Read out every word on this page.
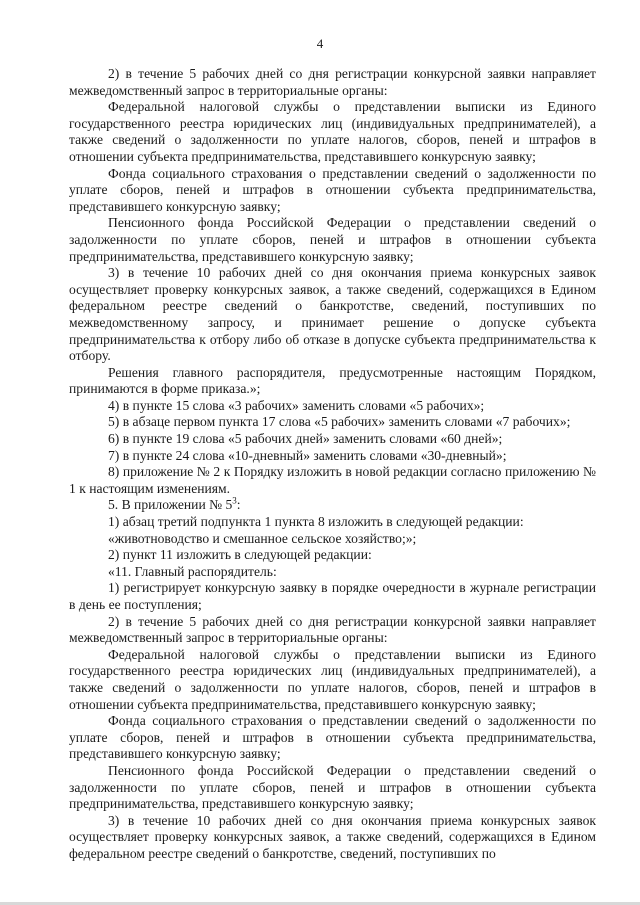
4

2) в течение 5 рабочих дней со дня регистрации конкурсной заявки направляет межведомственный запрос в территориальные органы:

Федеральной налоговой службы о представлении выписки из Единого государственного реестра юридических лиц (индивидуальных предпринимателей), а также сведений о задолженности по уплате налогов, сборов, пеней и штрафов в отношении субъекта предпринимательства, представившего конкурсную заявку;

Фонда социального страхования о представлении сведений о задолженности по уплате сборов, пеней и штрафов в отношении субъекта предпринимательства, представившего конкурсную заявку;

Пенсионного фонда Российской Федерации о представлении сведений о задолженности по уплате сборов, пеней и штрафов в отношении субъекта предпринимательства, представившего конкурсную заявку;

3) в течение 10 рабочих дней со дня окончания приема конкурсных заявок осуществляет проверку конкурсных заявок, а также сведений, содержащихся в Едином федеральном реестре сведений о банкротстве, сведений, поступивших по межведомственному запросу, и принимает решение о допуске субъекта предпринимательства к отбору либо об отказе в допуске субъекта предпринимательства к отбору.

Решения главного распорядителя, предусмотренные настоящим Порядком, принимаются в форме приказа.»;

4) в пункте 15 слова «3 рабочих» заменить словами «5 рабочих»;

5) в абзаце первом пункта 17 слова «5 рабочих» заменить словами «7 рабочих»;

6) в пункте 19 слова «5 рабочих дней» заменить словами «60 дней»;

7) в пункте 24 слова «10-дневный» заменить словами «30-дневный»;

8) приложение № 2 к Порядку изложить в новой редакции согласно приложению № 1 к настоящим изменениям.

5. В приложении № $5^3$:

1) абзац третий подпункта 1 пункта 8 изложить в следующей редакции:

«животноводство и смешанное сельское хозяйство;»;

2) пункт 11 изложить в следующей редакции:

«11. Главный распорядитель:

1) регистрирует конкурсную заявку в порядке очередности в журнале регистрации в день ее поступления;

2) в течение 5 рабочих дней со дня регистрации конкурсной заявки направляет межведомственный запрос в территориальные органы:

Федеральной налоговой службы о представлении выписки из Единого государственного реестра юридических лиц (индивидуальных предпринимателей), а также сведений о задолженности по уплате налогов, сборов, пеней и штрафов в отношении субъекта предпринимательства, представившего конкурсную заявку;

Фонда социального страхования о представлении сведений о задолженности по уплате сборов, пеней и штрафов в отношении субъекта предпринимательства, представившего конкурсную заявку;

Пенсионного фонда Российской Федерации о представлении сведений о задолженности по уплате сборов, пеней и штрафов в отношении субъекта предпринимательства, представившего конкурсную заявку;

3) в течение 10 рабочих дней со дня окончания приема конкурсных заявок осуществляет проверку конкурсных заявок, а также сведений, содержащихся в Едином федеральном реестре сведений о банкротстве, сведений, поступивших по
